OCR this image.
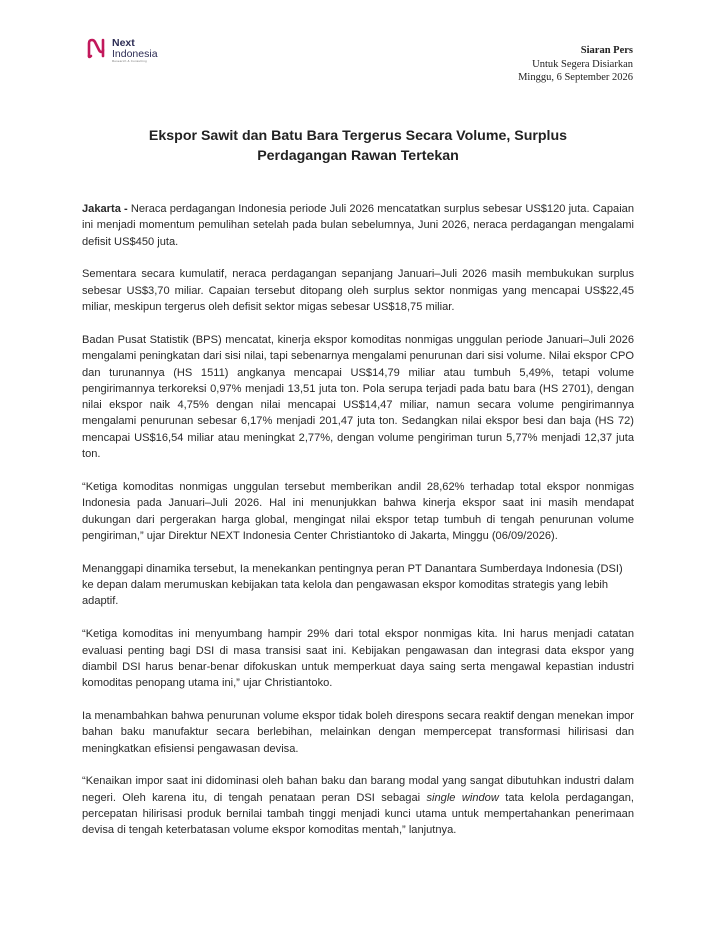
Next
Indonesia
Research & Consulting
Siaran Pers
Untuk Segera Disiarkan
Minggu, 6 September 2026
Ekspor Sawit dan Batu Bara Tergerus Secara Volume, Surplus
Perdagangan Rawan Tertekan

Jakarta - Neraca perdagangan Indonesia periode Juli 2026 mencatatkan surplus sebesar US$120 juta. Capaian ini menjadi momentum pemulihan setelah pada bulan sebelumnya, Juni 2026, neraca perdagangan mengalami defisit US$450 juta.

Sementara secara kumulatif, neraca perdagangan sepanjang Januari–Juli 2026 masih membukukan surplus sebesar US$3,70 miliar. Capaian tersebut ditopang oleh surplus sektor nonmigas yang mencapai US$22,45 miliar, meskipun tergerus oleh defisit sektor migas sebesar US$18,75 miliar.

Badan Pusat Statistik (BPS) mencatat, kinerja ekspor komoditas nonmigas unggulan periode Januari–Juli 2026 mengalami peningkatan dari sisi nilai, tapi sebenarnya mengalami penurunan dari sisi volume. Nilai ekspor CPO dan turunannya (HS 1511) angkanya mencapai US$14,79 miliar atau tumbuh 5,49%, tetapi volume pengirimannya terkoreksi 0,97% menjadi 13,51 juta ton. Pola serupa terjadi pada batu bara (HS 2701), dengan nilai ekspor naik 4,75% dengan nilai mencapai US$14,47 miliar, namun secara volume pengirimannya mengalami penurunan sebesar 6,17% menjadi 201,47 juta ton. Sedangkan nilai ekspor besi dan baja (HS 72) mencapai US$16,54 miliar atau meningkat 2,77%, dengan volume pengiriman turun 5,77% menjadi 12,37 juta ton.

“Ketiga komoditas nonmigas unggulan tersebut memberikan andil 28,62% terhadap total ekspor nonmigas Indonesia pada Januari–Juli 2026. Hal ini menunjukkan bahwa kinerja ekspor saat ini masih mendapat dukungan dari pergerakan harga global, mengingat nilai ekspor tetap tumbuh di tengah penurunan volume pengiriman,” ujar Direktur NEXT Indonesia Center Christiantoko di Jakarta, Minggu (06/09/2026).

Menanggapi dinamika tersebut, Ia menekankan pentingnya peran PT Danantara Sumberdaya Indonesia (DSI) ke depan dalam merumuskan kebijakan tata kelola dan pengawasan ekspor komoditas strategis yang lebih adaptif.

“Ketiga komoditas ini menyumbang hampir 29% dari total ekspor nonmigas kita. Ini harus menjadi catatan evaluasi penting bagi DSI di masa transisi saat ini. Kebijakan pengawasan dan integrasi data ekspor yang diambil DSI harus benar-benar difokuskan untuk memperkuat daya saing serta mengawal kepastian industri komoditas penopang utama ini,” ujar Christiantoko.

Ia menambahkan bahwa penurunan volume ekspor tidak boleh direspons secara reaktif dengan menekan impor bahan baku manufaktur secara berlebihan, melainkan dengan mempercepat transformasi hilirisasi dan meningkatkan efisiensi pengawasan devisa.

“Kenaikan impor saat ini didominasi oleh bahan baku dan barang modal yang sangat dibutuhkan industri dalam negeri. Oleh karena itu, di tengah penataan peran DSI sebagai single window tata kelola perdagangan, percepatan hilirisasi produk bernilai tambah tinggi menjadi kunci utama untuk mempertahankan penerimaan devisa di tengah keterbatasan volume ekspor komoditas mentah,” lanjutnya.
